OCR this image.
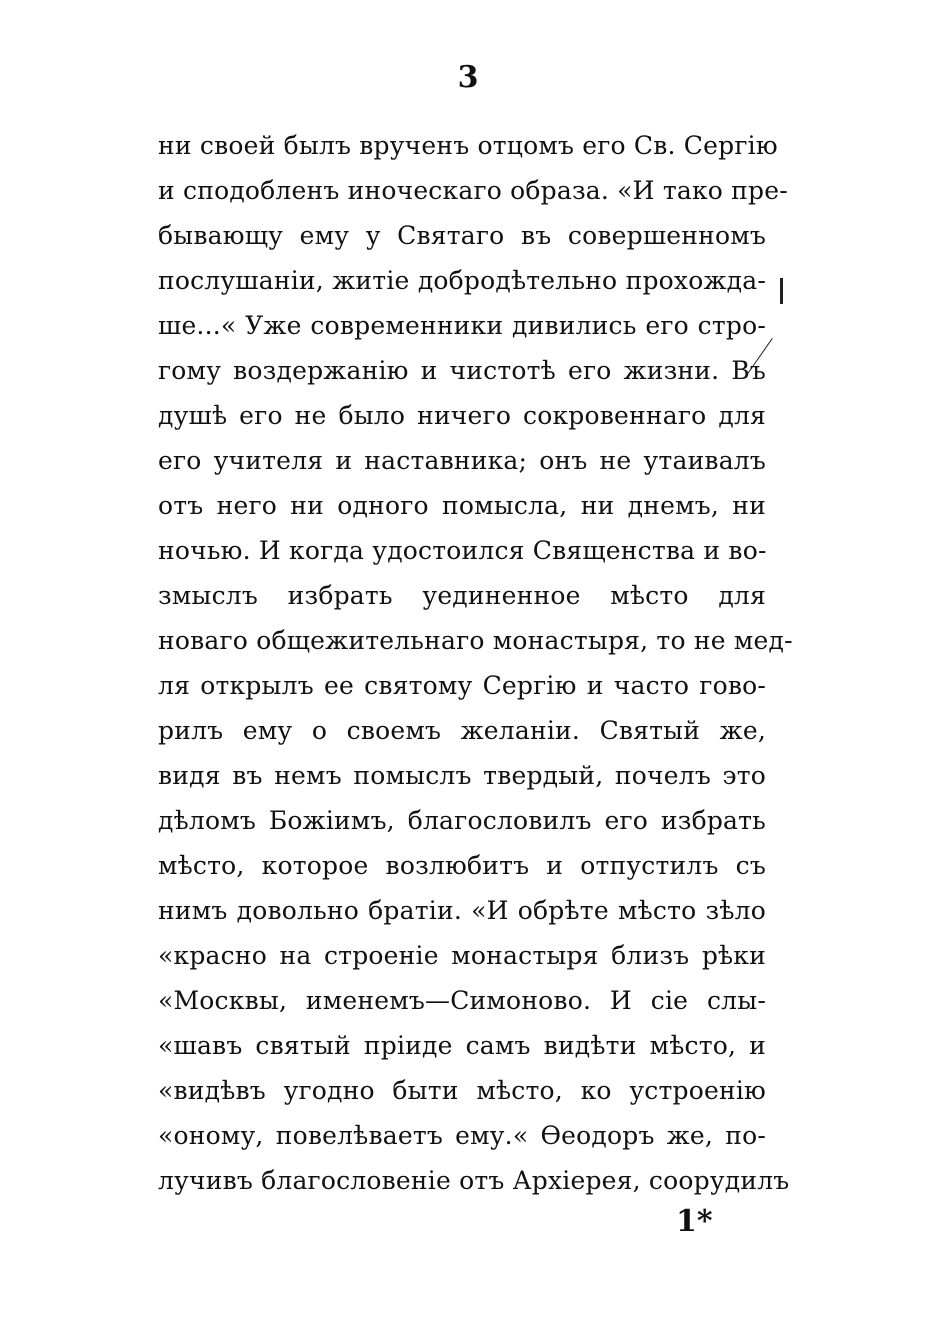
3
ни своей былъ врученъ отцомъ его Св. Сергію
и сподобленъ иноческаго образа. «И тако пре-
бывающу ему у Святаго въ совершенномъ
послушаніи, житіе добродѣтельно прохожда-
ше...« Уже современники дивились его стро-
гому воздержанію и чистотѣ его жизни. Въ
душѣ его не было ничего сокровеннаго для
его учителя и наставника; онъ не утаивалъ
отъ него ни одного помысла, ни днемъ, ни
ночью. И когда удостоился Священства и во-
змыслъ избрать уединенное мѣсто для
новаго общежительнаго монастыря, то не мед-
ля открылъ ее святому Сергію и часто гово-
рилъ ему о своемъ желаніи. Святый же,
видя въ немъ помыслъ твердый, почелъ это
дѣломъ Божіимъ, благословилъ его избрать
мѣсто, которое возлюбитъ и отпустилъ съ
нимъ довольно братіи. «И обрѣте мѣсто зѣло
«красно на строеніе монастыря близъ рѣки
«Москвы, именемъ—Симоново. И сіе слы-
«шавъ святый пріиде самъ видѣти мѣсто, и
«видѣвъ угодно быти мѣсто, ко устроенію
«оному, повелѣваетъ ему.« Ѳеодоръ же, по-
лучивъ благословеніе отъ Архіерея, соорудилъ
1*
